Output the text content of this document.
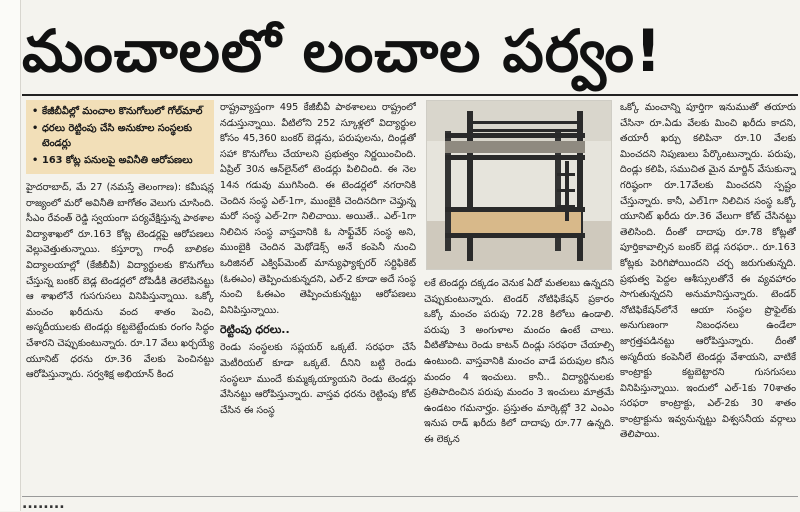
మంచాలలో లంచాల పర్వం!
• కేజీబీవీల్లో మంచాల కొనుగోలులో గోల్‌మాల్
• ధరలు రెట్టింపు చేసి అనుకూల సంస్థలకు టెండర్లు
• 163 కోట్ల పనులపై అవినీతి ఆరోపణలు

హైదరాబాద్, మే 27 (నమస్తే తెలంగాణ): కమీషన్ల రాజ్యంలో మరో అవినీతి బాగోతం వెలుగు చూసింది. సీఎం రేవంత్ రెడ్డి స్వయంగా పర్యవేక్షిస్తున్న పాఠశాల విద్యాశాఖలో రూ.163 కోట్ల టెండర్లపై ఆరోపణలు వెల్లువెత్తుతున్నాయి. కస్తూర్బా గాంధీ బాలికల విద్యాలయాల్లో (కేజీబీవీ) విద్యార్థులకు కొనుగోలు చేస్తున్న బంకర్ బెడ్ల టెండర్లలో దోపిడీకి తెరలేపినట్టు ఆ శాఖలోనే గుసగుసలు వినిపిస్తున్నాయి. ఒక్కో మంచం ఖరీదును వంద శాతం పెంచి, అస్మదీయులకు టెండర్లు కట్టబెట్టేందుకు రంగం సిద్ధం చేశారని చెప్పుకుంటున్నారు. రూ.17 వేలు ఖర్చయ్యే యూనిట్ ధరను రూ.36 వేలకు పెంచినట్టు ఆరోపిస్తున్నారు. సర్వశిక్ష అభియాన్ కింద

రాష్ట్రవ్యాప్తంగా 495 కేజీబీవీ పాఠశాలలు రాష్ట్రంలో నడుస్తున్నాయి. వీటిలోని 252 స్కూళ్లలో విద్యార్థుల కోసం 45,360 బంకర్ బెడ్లను, పరుపులను, దిండ్లతో సహా కొనుగోలు చేయాలని ప్రభుత్వం నిర్ణయించింది. ఏప్రిల్ 30న ఆన్‌లైన్‌లో టెండర్లు పిలిచింది. ఈ నెల 14న గడువు ముగిసింది. ఈ టెండర్లలో నగరానికి చెందిన సంస్థ ఎల్-1గా, ముంబైకి చెందినదిగా చెప్తున్న మరో సంస్థ ఎల్-2గా నిలిచాయి. అయితే.. ఎల్-1గా నిలిచిన సంస్థ వాస్తవానికి ఓ సాఫ్ట్‌వేర్ సంస్థ అని, ముంబైకి చెందిన మెథోడెక్స్ అనే కంపెనీ నుంచి ఒరిజినల్ ఎక్విప్‌మెంట్ మాన్యుఫ్యాక్చరర్ సర్టిఫికెట్ (ఓఈఎం) తెప్పించుకున్నదని, ఎల్-2 కూడా అదే సంస్థ నుంచి ఓఈఎం తెప్పించుకున్నట్టు ఆరోపణలు వినిపిస్తున్నాయి.

రెట్టింపు ధరలు..

రెండు సంస్థలకు సప్లయర్ ఒక్కటే. సరఫరా చేసే మెటీరియల్ కూడా ఒక్కటే. దీనిని బట్టి రెండు సంస్థలూ ముందే కుమ్మక్కయ్యాయని రెండు టెండర్లు వేసినట్టు ఆరోపిస్తున్నారు. వాస్తవ ధరను రెట్టింపు కోట్ చేసిన ఈ సంస్థ

లకే టెండర్లు దక్కడం వెనుక ఏదో మతలబు ఉన్నదని చెప్పుకుంటున్నారు. టెండర్ నోటిఫికేషన్ ప్రకారం ఒక్కో మంచం పరుపు 72.28 కిలోలు ఉండాలి. పరుపు 3 అంగుళాల మందం ఉంటే చాలు. వీటితోపాటు రెండు కాటన్ దిండ్లు సరఫరా చేయాల్సి ఉంటుంది. వాస్తవానికి మంచం వాడే పరుపుల కనీస మందం 4 ఇంచులు. కానీ.. విద్యార్థినులకు ప్రతిపాదించిన పరుపు మందం 3 ఇంచులు మాత్రమే ఉండటం గమనార్హం. ప్రస్తుతం మార్కెట్లో 32 ఎంఎం ఇనుప రాడ్ ఖరీదు కిలో దాదాపు రూ.77 ఉన్నది. ఈ లెక్కన

ఒక్కో మంచాన్ని పూర్తిగా ఇనుముతో తయారు చేసినా రూ.ఏడు వేలకు మించి ఖరీదు కాదని, తయారీ ఖర్చు కలిపినా రూ.10 వేలకు మించదని నిపుణులు పేర్కొంటున్నారు. పరుపు, దిండ్లు కలిపి, సముచిత మైన మార్జిన్ వేసుకున్నా గరిష్ఠంగా రూ.17వేలకు మించదని స్పష్టం చేస్తున్నారు. కానీ, ఎల్1గా నిలిచిన సంస్థ ఒక్కో యూనిట్ ఖరీదు రూ.36 వేలుగా కోట్ చేసినట్టు తెలిసింది. దీంతో దాదాపు రూ.78 కోట్లతో పూర్తికావాల్సిన బంకర్ బెడ్ల సరఫరా.. రూ.163 కోట్లకు పెరిగిపోయిందని చర్చ జరుగుతున్నది. ప్రభుత్వ పెద్దల ఆశీస్సులతోనే ఈ వ్యవహారం సాగుతున్నదని అనుమానిస్తున్నారు. టెండర్ నోటిఫికేషన్‌లోనే ఆయా సంస్థల ప్రొఫైల్‌కు అనుగుణంగా నిబంధనలు ఉండేలా జాగ్రత్తపడినట్టు ఆరోపిస్తున్నారు. దీంతో అస్మదీయ కంపెనీలే టెండర్లు వేశాయని, వాటికే కాంట్రాక్టు కట్టబెట్టారని గుసగుసలు వినిపిస్తున్నాయి. ఇందులో ఎల్-1కు 70శాతం సరఫరా కాంట్రాక్టు, ఎల్-2కు 30 శాతం కాంట్రాక్టును ఇవ్వనున్నట్టు విశ్వసనీయ వర్గాలు తెలిపాయి.

........
